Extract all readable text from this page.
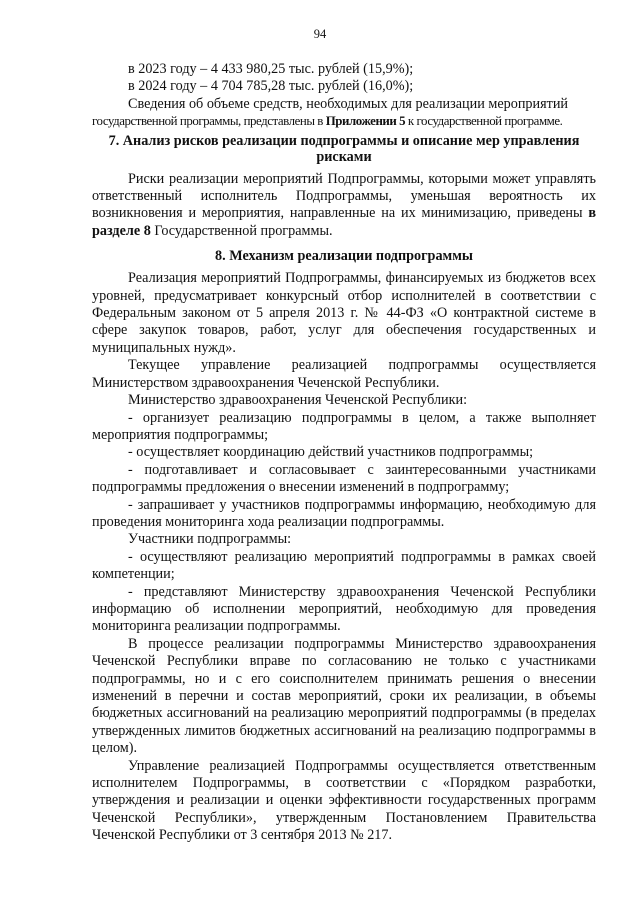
94

в 2023 году – 4 433 980,25 тыс. рублей (15,9%);

в 2024 году – 4 704 785,28 тыс. рублей (16,0%);

Сведения об объеме средств, необходимых для реализации мероприятий

государственной программы, представлены в Приложении 5 к государственной программе.

7. Анализ рисков реализации подпрограммы и описание мер управления рисками

Риски реализации мероприятий Подпрограммы, которыми может управлять ответственный исполнитель Подпрограммы, уменьшая вероятность их возникновения и мероприятия, направленные на их минимизацию, приведены в разделе 8 Государственной программы.

8. Механизм реализации подпрограммы

Реализация мероприятий Подпрограммы, финансируемых из бюджетов всех уровней, предусматривает конкурсный отбор исполнителей в соответствии с Федеральным законом от 5 апреля 2013 г. № 44-ФЗ «О контрактной системе в сфере закупок товаров, работ, услуг для обеспечения государственных и муниципальных нужд».

Текущее управление реализацией подпрограммы осуществляется Министерством здравоохранения Чеченской Республики.

Министерство здравоохранения Чеченской Республики:

- организует реализацию подпрограммы в целом, а также выполняет мероприятия подпрограммы;

- осуществляет координацию действий участников подпрограммы;

- подготавливает и согласовывает с заинтересованными участниками подпрограммы предложения о внесении изменений в подпрограмму;

- запрашивает у участников подпрограммы информацию, необходимую для проведения мониторинга хода реализации подпрограммы.

Участники подпрограммы:

- осуществляют реализацию мероприятий подпрограммы в рамках своей компетенции;

- представляют Министерству здравоохранения Чеченской Республики информацию об исполнении мероприятий, необходимую для проведения мониторинга реализации подпрограммы.

В процессе реализации подпрограммы Министерство здравоохранения Чеченской Республики вправе по согласованию не только с участниками подпрограммы, но и с его соисполнителем принимать решения о внесении изменений в перечни и состав мероприятий, сроки их реализации, в объемы бюджетных ассигнований на реализацию мероприятий подпрограммы (в пределах утвержденных лимитов бюджетных ассигнований на реализацию подпрограммы в целом).

Управление реализацией Подпрограммы осуществляется ответственным исполнителем Подпрограммы, в соответствии с «Порядком разработки, утверждения и реализации и оценки эффективности государственных программ Чеченской Республики», утвержденным Постановлением Правительства Чеченской Республики от 3 сентября 2013 № 217.
